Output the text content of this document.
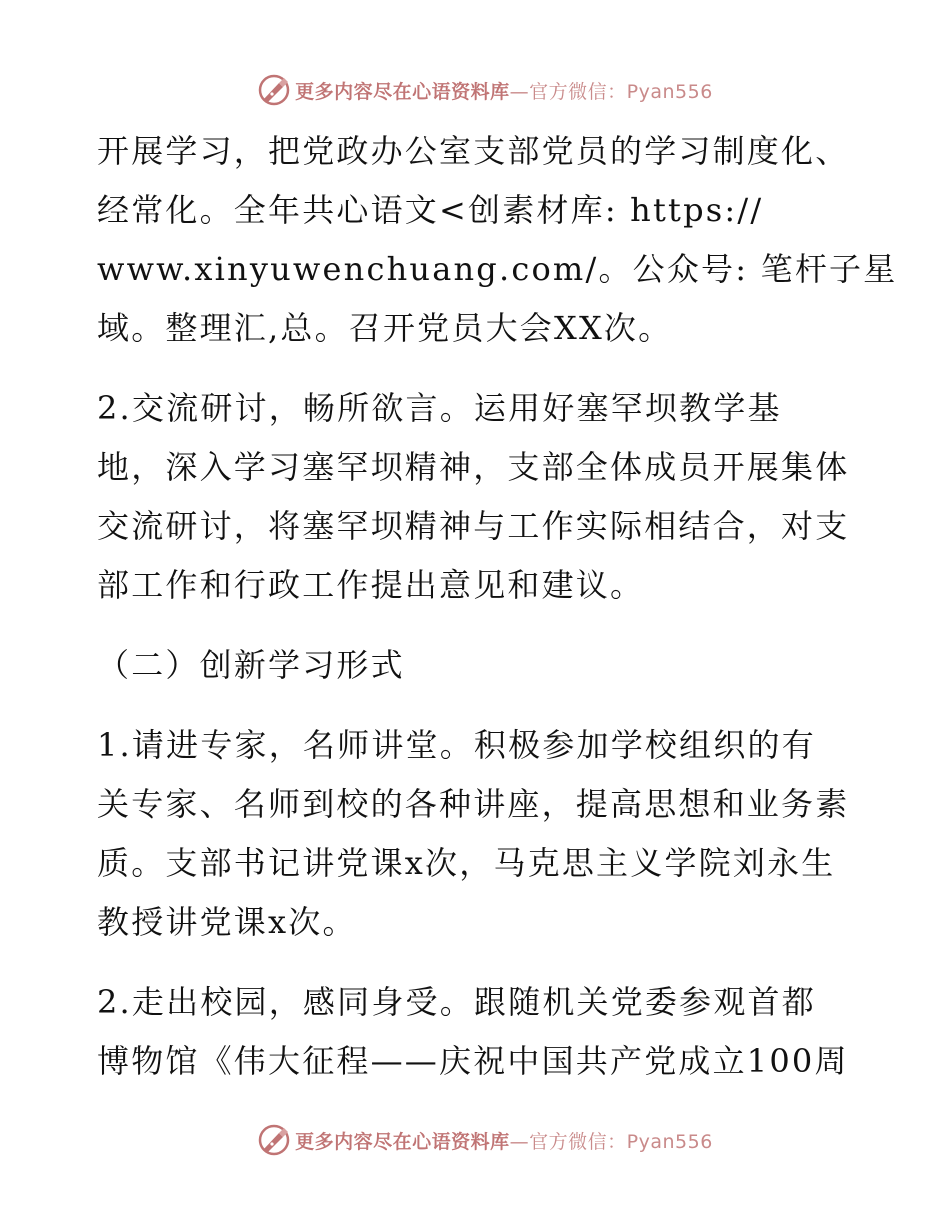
更多内容尽在心语资料库—官方微信：Pyan556

开展学习，把党政办公室支部党员的学习制度化、
经常化。全年共心语文<创素材库: https://
www.xinyuwenchuang.com/。公众号: 笔杆子星
域。整理汇,总。召开党员大会XX次。

2.交流研讨，畅所欲言。运用好塞罕坝教学基
地，深入学习塞罕坝精神，支部全体成员开展集体
交流研讨，将塞罕坝精神与工作实际相结合，对支
部工作和行政工作提出意见和建议。

（二）创新学习形式

1.请进专家，名师讲堂。积极参加学校组织的有
关专家、名师到校的各种讲座，提高思想和业务素
质。支部书记讲党课x次，马克思主义学院刘永生
教授讲党课x次。

2.走出校园，感同身受。跟随机关党委参观首都
博物馆《伟大征程——庆祝中国共产党成立100周

更多内容尽在心语资料库—官方微信：Pyan556
